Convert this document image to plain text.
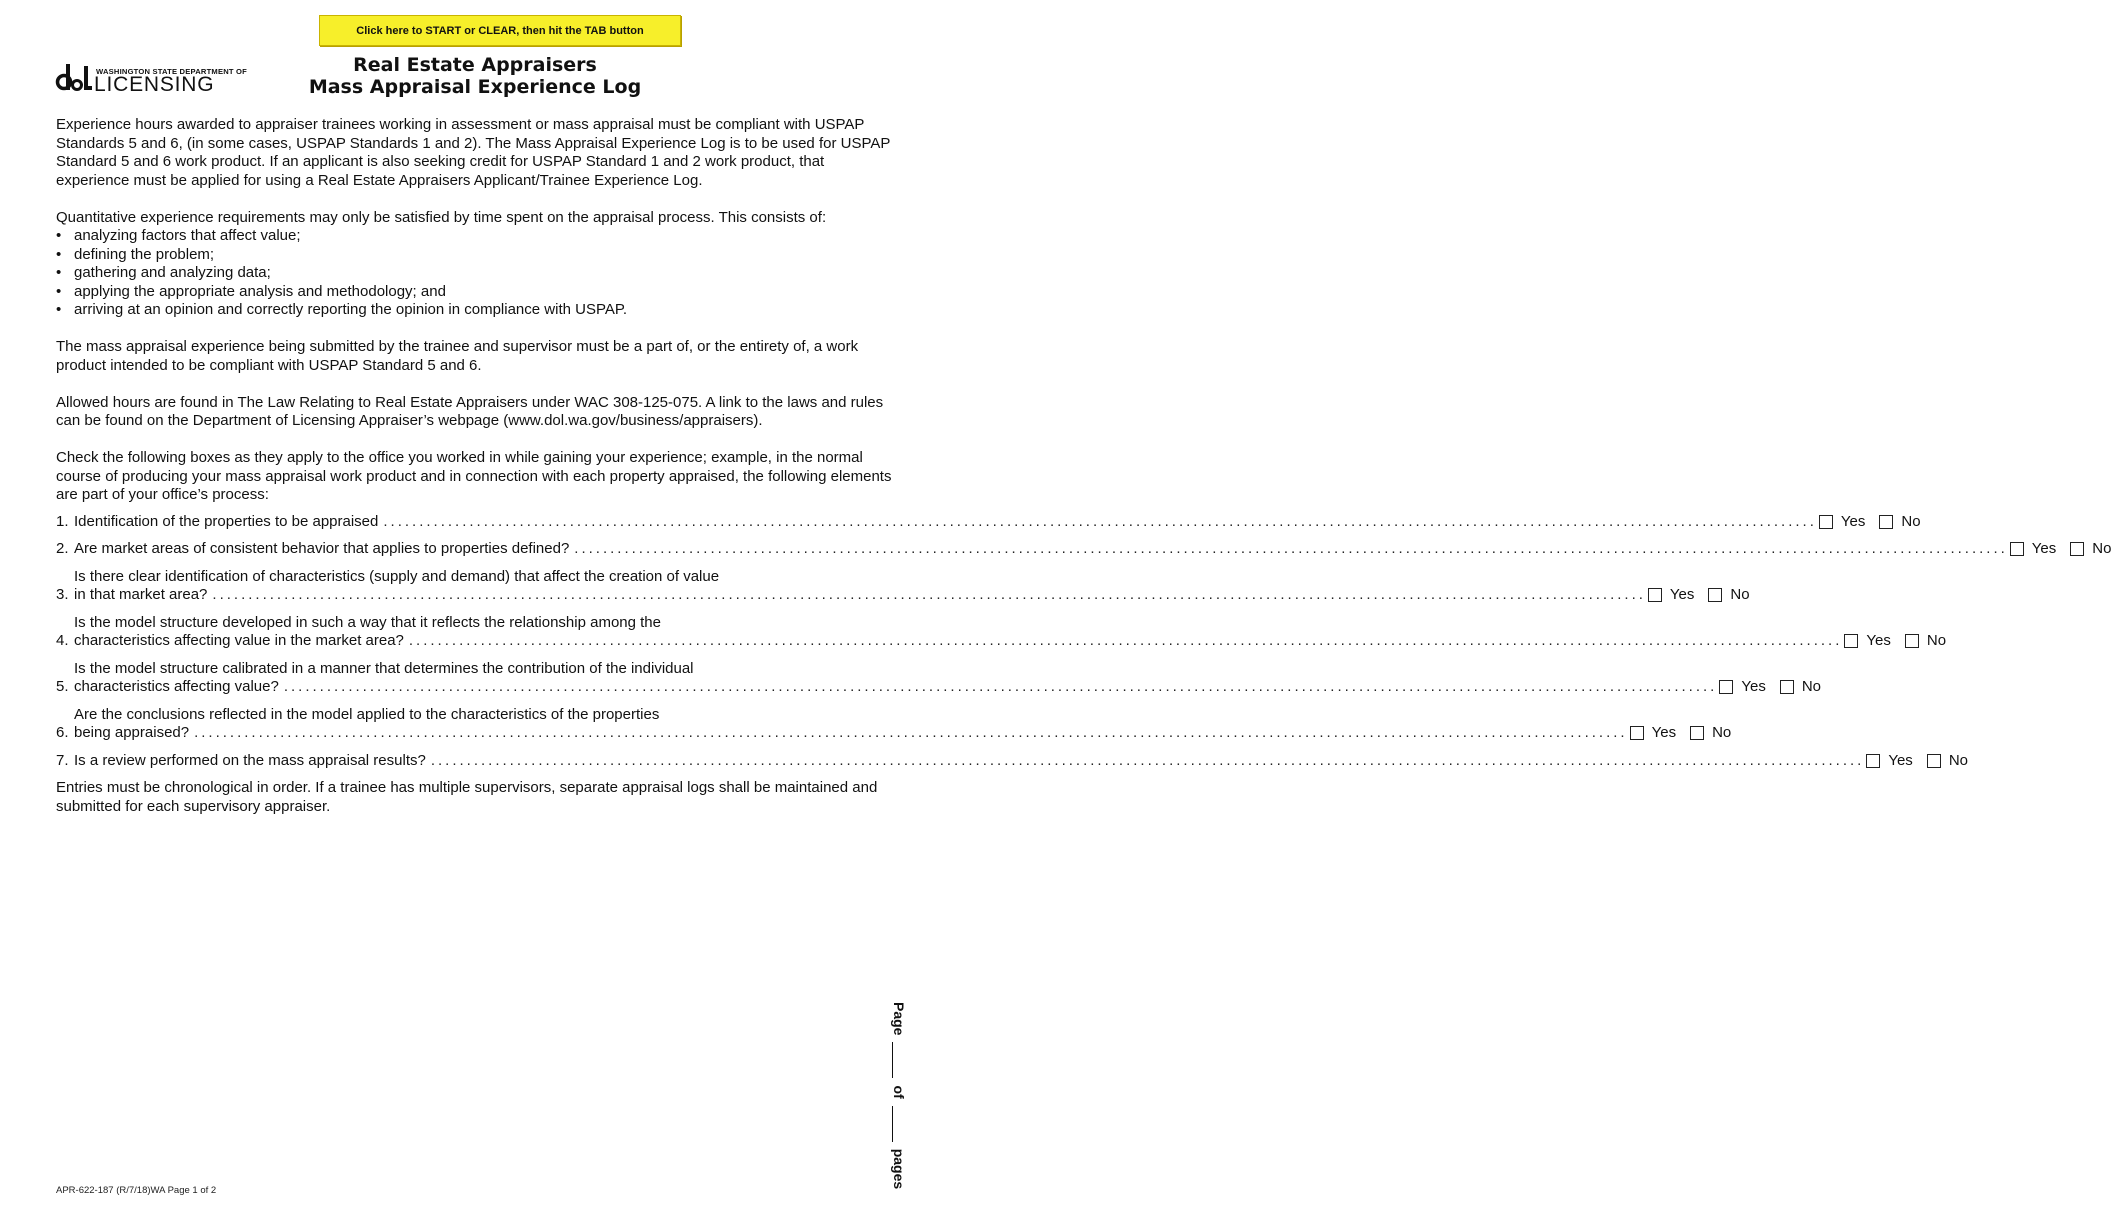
Click here to START or CLEAR, then hit the TAB button
WASHINGTON STATE DEPARTMENT OF
LICENSING
Real Estate Appraisers
Mass Appraisal Experience Log

Experience hours awarded to appraiser trainees working in assessment or mass appraisal must be compliant with USPAP Standards 5 and 6, (in some cases, USPAP Standards 1 and 2). The Mass Appraisal Experience Log is to be used for USPAP Standard 5 and 6 work product. If an applicant is also seeking credit for USPAP Standard 1 and 2 work product, that experience must be applied for using a Real Estate Appraisers Applicant/Trainee Experience Log.

Quantitative experience requirements may only be satisfied by time spent on the appraisal process. This consists of:

• analyzing factors that affect value;
• defining the problem;
• gathering and analyzing data;
• applying the appropriate analysis and methodology; and
• arriving at an opinion and correctly reporting the opinion in compliance with USPAP.

The mass appraisal experience being submitted by the trainee and supervisor must be a part of, or the entirety of, a work product intended to be compliant with USPAP Standard 5 and 6.

Allowed hours are found in The Law Relating to Real Estate Appraisers under WAC 308-125-075. A link to the laws and rules can be found on the Department of Licensing Appraiser’s webpage (www.dol.wa.gov/business/appraisers).

Check the following boxes as they apply to the office you worked in while gaining your experience; example, in the normal course of producing your mass appraisal work product and in connection with each property appraised, the following elements are part of your office’s process:

1. Identification of the properties to be appraised ........................................................................................................................................................................................................ Yes No
2. Are market areas of consistent behavior that applies to properties defined? ........................................................................................................................................................................................................ Yes No
3.
Is there clear identification of characteristics (supply and demand) that affect the creation of value
in that market area? ........................................................................................................................................................................................................ Yes No
4.
Is the model structure developed in such a way that it reflects the relationship among the
characteristics affecting value in the market area? ........................................................................................................................................................................................................ Yes No
5.
Is the model structure calibrated in a manner that determines the contribution of the individual
characteristics affecting value? ........................................................................................................................................................................................................ Yes No
6.
Are the conclusions reflected in the model applied to the characteristics of the properties
being appraised? ........................................................................................................................................................................................................ Yes No
7. Is a review performed on the mass appraisal results? ........................................................................................................................................................................................................ Yes No

Entries must be chronological in order. If a trainee has multiple supervisors, separate appraisal logs shall be maintained and submitted for each supervisory appraiser.

Page
of
pages
APR-622-187 (R/7/18)WA Page 1 of 2
